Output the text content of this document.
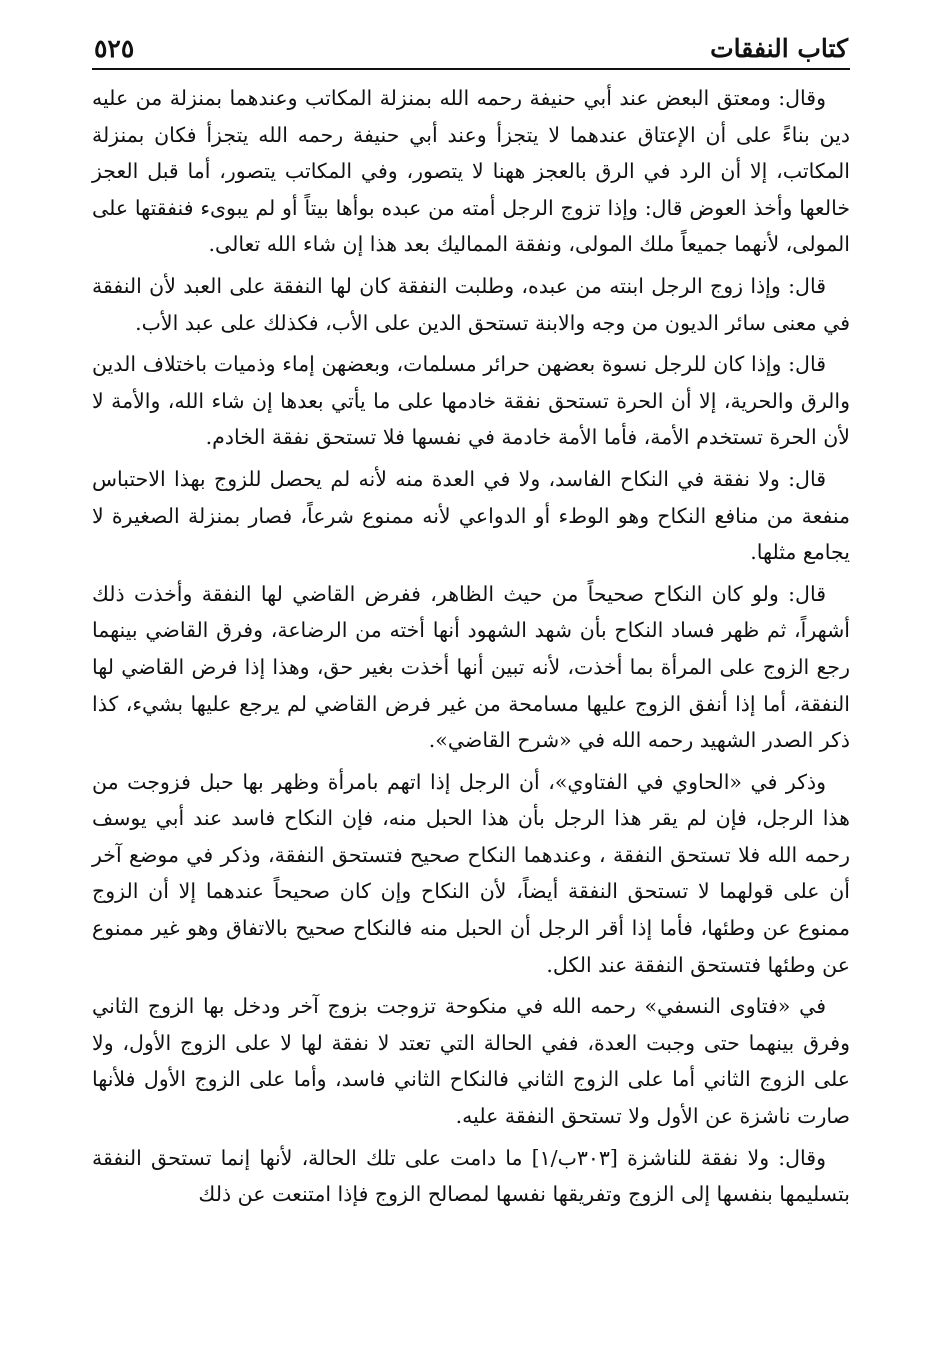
كتاب النفقات
٥٢٥

وقال: ومعتق البعض عند أبي حنيفة رحمه الله بمنزلة المكاتب وعندهما بمنزلة من عليه دين بناءً على أن الإعتاق عندهما لا يتجزأ وعند أبي حنيفة رحمه الله يتجزأ فكان بمنزلة المكاتب، إلا أن الرد في الرق بالعجز ههنا لا يتصور، وفي المكاتب يتصور، أما قبل العجز خالعها وأخذ العوض قال: وإذا تزوج الرجل أمته من عبده بوأها بيتاً أو لم يبوىء فنفقتها على المولى، لأنهما جميعاً ملك المولى، ونفقة المماليك بعد هذا إن شاء الله تعالى.

قال: وإذا زوج الرجل ابنته من عبده، وطلبت النفقة كان لها النفقة على العبد لأن النفقة في معنى سائر الديون من وجه والابنة تستحق الدين على الأب، فكذلك على عبد الأب.

قال: وإذا كان للرجل نسوة بعضهن حرائر مسلمات، وبعضهن إماء وذميات باختلاف الدين والرق والحرية، إلا أن الحرة تستحق نفقة خادمها على ما يأتي بعدها إن شاء الله، والأمة لا لأن الحرة تستخدم الأمة، فأما الأمة خادمة في نفسها فلا تستحق نفقة الخادم.

قال: ولا نفقة في النكاح الفاسد، ولا في العدة منه لأنه لم يحصل للزوج بهذا الاحتباس منفعة من منافع النكاح وهو الوطء أو الدواعي لأنه ممنوع شرعاً، فصار بمنزلة الصغيرة لا يجامع مثلها.

قال: ولو كان النكاح صحيحاً من حيث الظاهر، ففرض القاضي لها النفقة وأخذت ذلك أشهراً، ثم ظهر فساد النكاح بأن شهد الشهود أنها أخته من الرضاعة، وفرق القاضي بينهما رجع الزوج على المرأة بما أخذت، لأنه تبين أنها أخذت بغير حق، وهذا إذا فرض القاضي لها النفقة، أما إذا أنفق الزوج عليها مسامحة من غير فرض القاضي لم يرجع عليها بشيء، كذا ذكر الصدر الشهيد رحمه الله في «شرح القاضي».

وذكر في «الحاوي في الفتاوي»، أن الرجل إذا اتهم بامرأة وظهر بها حبل فزوجت من هذا الرجل، فإن لم يقر هذا الرجل بأن هذا الحبل منه، فإن النكاح فاسد عند أبي يوسف رحمه الله فلا تستحق النفقة ، وعندهما النكاح صحيح فتستحق النفقة، وذكر في موضع آخر أن على قولهما لا تستحق النفقة أيضاً، لأن النكاح وإن كان صحيحاً عندهما إلا أن الزوج ممنوع عن وطئها، فأما إذا أقر الرجل أن الحبل منه فالنكاح صحيح بالاتفاق وهو غير ممنوع عن وطئها فتستحق النفقة عند الكل.

في «فتاوى النسفي» رحمه الله في منكوحة تزوجت بزوج آخر ودخل بها الزوج الثاني وفرق بينهما حتى وجبت العدة، ففي الحالة التي تعتد لا نفقة لها لا على الزوج الأول، ولا على الزوج الثاني أما على الزوج الثاني فالنكاح الثاني فاسد، وأما على الزوج الأول فلأنها صارت ناشزة عن الأول ولا تستحق النفقة عليه.

وقال: ولا نفقة للناشزة [٣٠٣ب/١] ما دامت على تلك الحالة، لأنها إنما تستحق النفقة بتسليمها بنفسها إلى الزوج وتفريقها نفسها لمصالح الزوج فإذا امتنعت عن ذلك
